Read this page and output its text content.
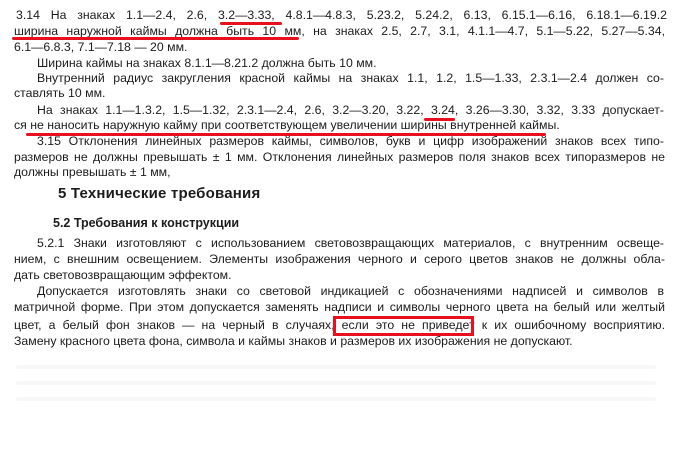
3.14 На знаках 1.1—2.4, 2.6, 3.2—3.33, 4.8.1—4.8.3, 5.23.2, 5.24.2, 6.13, 6.15.1—6.16, 6.18.1—6.19.2
ширина наружной каймы должна быть 10 мм, на знаках 2.5, 2.7, 3.1, 4.1.1—4.7, 5.1—5.22, 5.27—5.34,
6.1—6.8.3, 7.1—7.18 — 20 мм.
Ширина каймы на знаках 8.1.1—8.21.2 должна быть 10 мм.
Внутренний радиус закругления красной каймы на знаках 1.1, 1.2, 1.5—1.33, 2.3.1—2.4 должен со-
ставлять 10 мм.
На знаках 1.1—1.3.2, 1.5—1.32, 2.3.1—2.4, 2.6, 3.2—3.20, 3.22, 3.24, 3.26—3.30, 3.32, 3.33 допускает-
ся не наносить наружную кайму при соответствующем увеличении ширины внутренней каймы.
3.15 Отклонения линейных размеров каймы, символов, букв и цифр изображений знаков всех типо-
размеров не должны превышать ± 1 мм. Отклонения линейных размеров поля знаков всех типоразмеров не
должны превышать ± 1 мм,
5 Технические требования
5.2 Требования к конструкции
5.2.1 Знаки изготовляют с использованием световозвращающих материалов, с внутренним освеще-
нием, с внешним освещением. Элементы изображения черного и серого цветов знаков не должны обла-
дать световозвращающим эффектом.
Допускается изготовлять знаки со световой индикацией с обозначениями надписей и символов в
матричной форме. При этом допускается заменять надписи и символы черного цвета на белый или желтый
цвет, а белый фон знаков — на черный в случаях, если это не приведет к их ошибочному восприятию.
Замену красного цвета фона, символа и каймы знаков и размеров их изображения не допускают.
